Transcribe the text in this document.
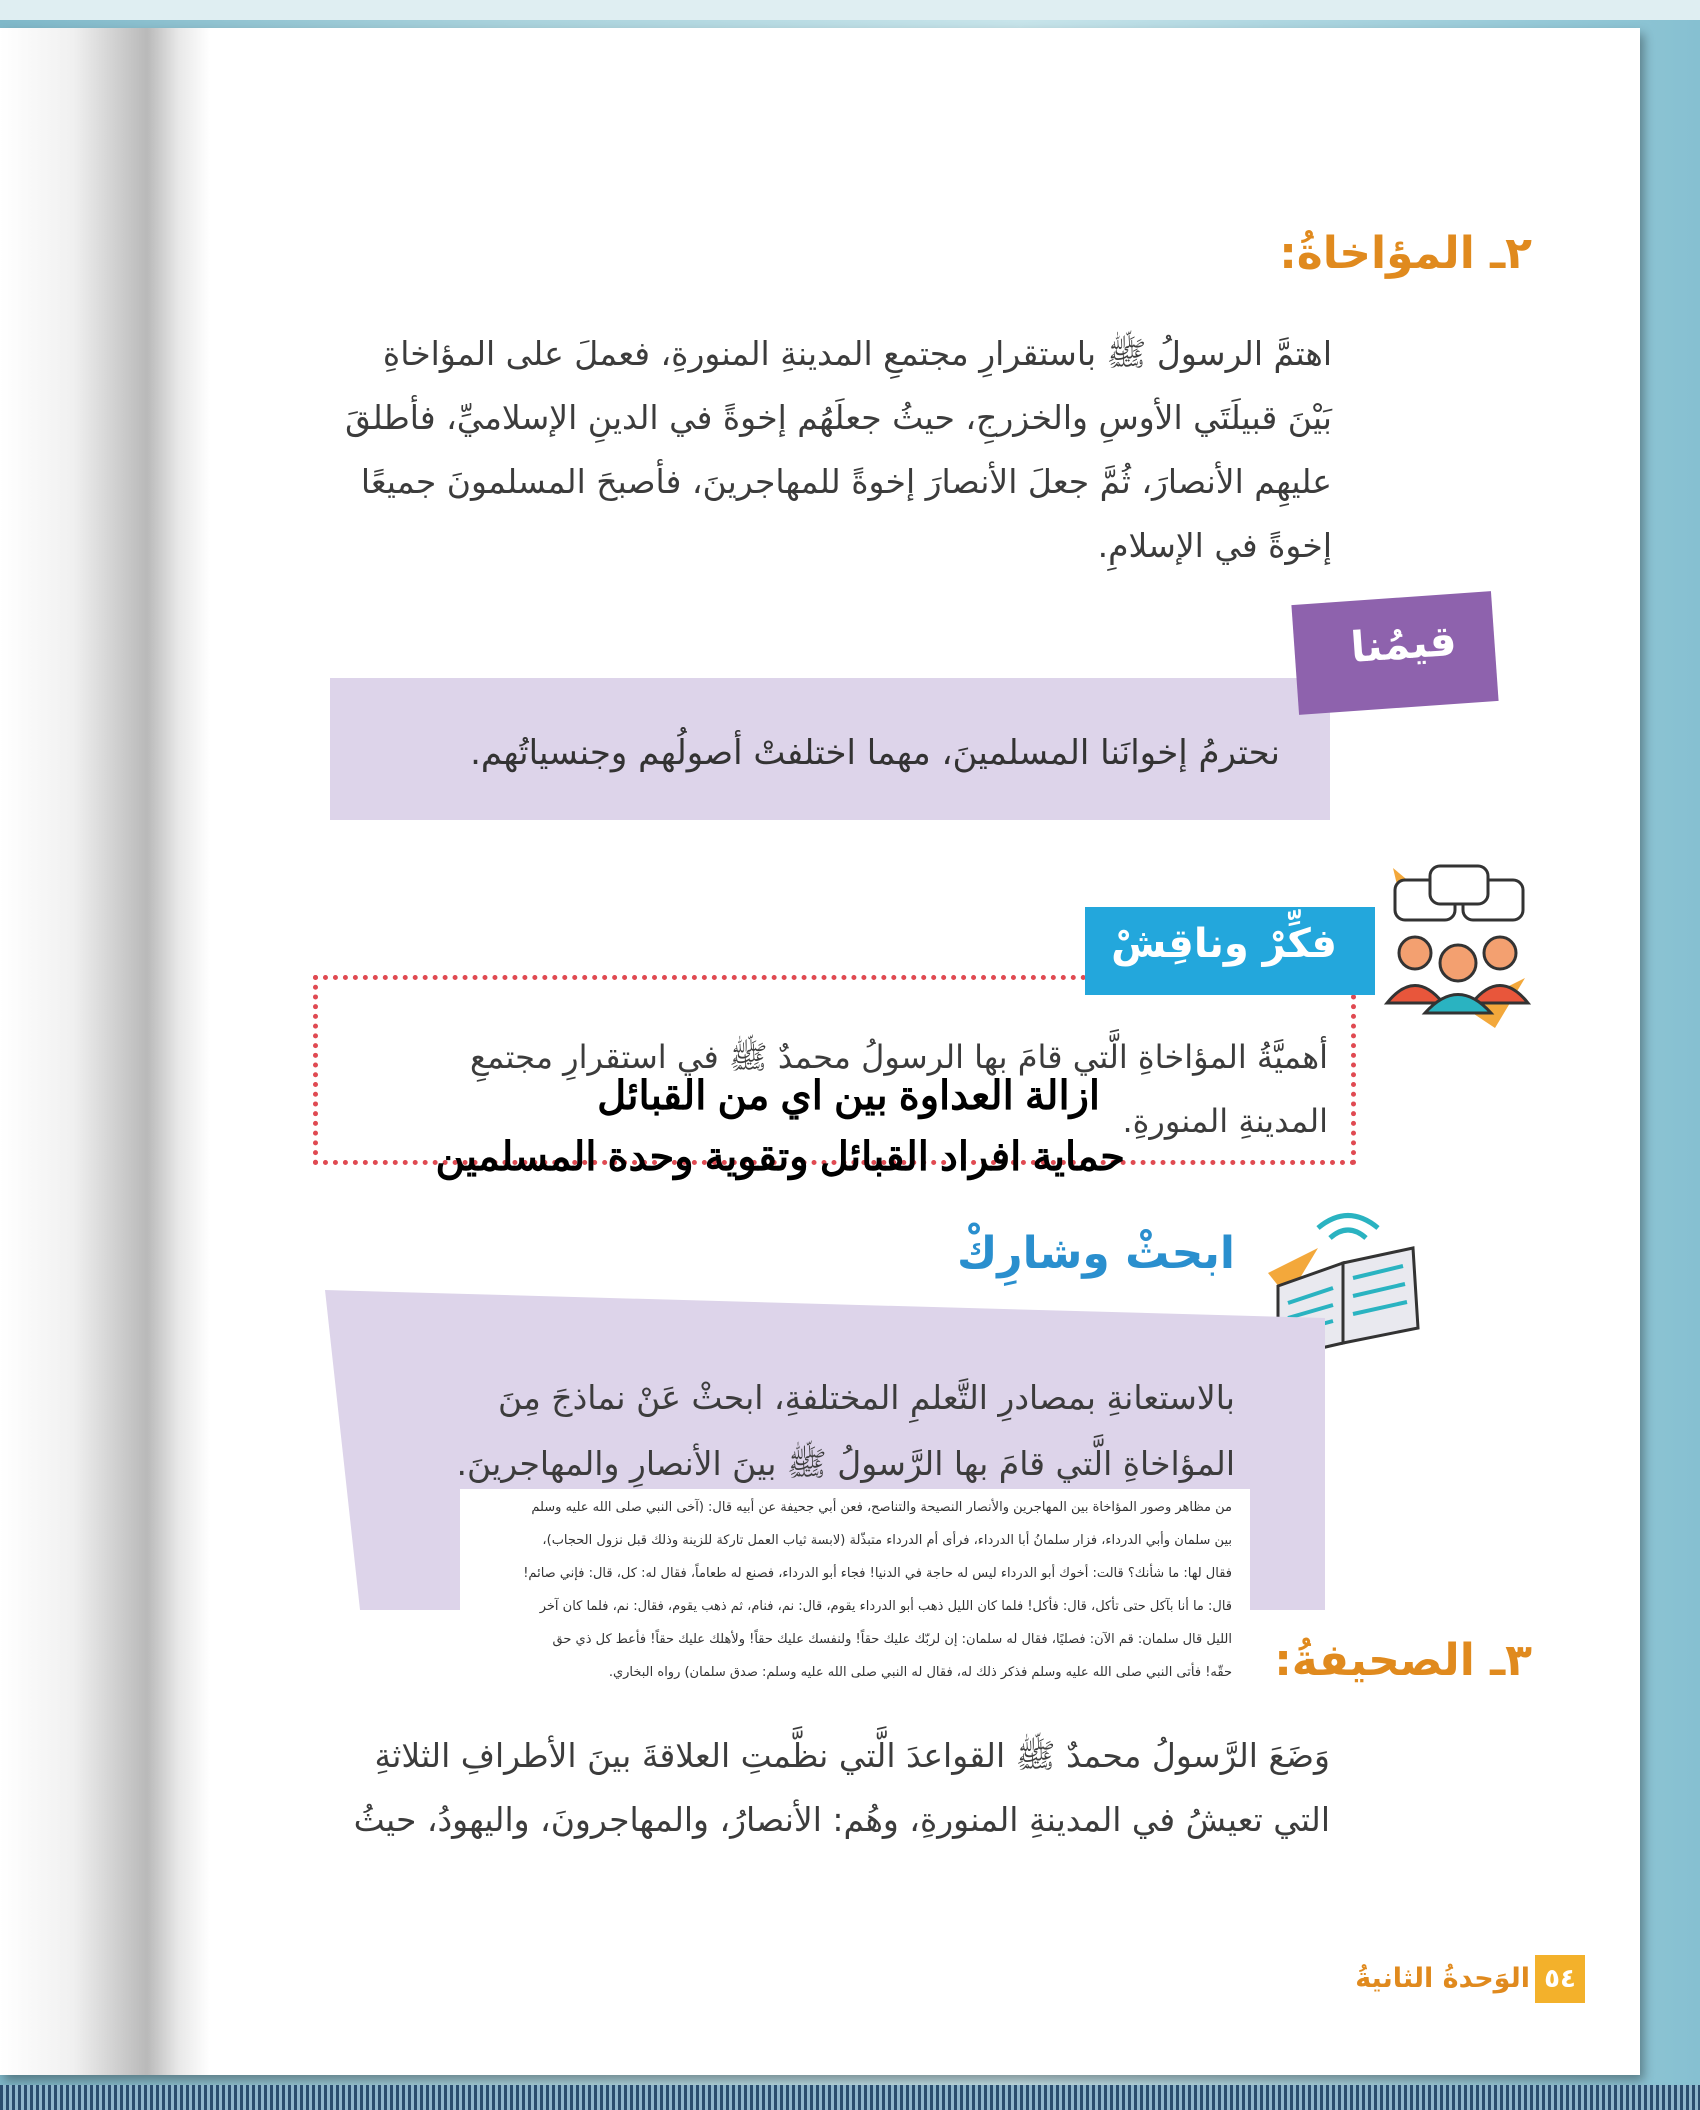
٢ـ المؤاخاةُ:
اهتمَّ الرسولُ ﷺ باستقرارِ مجتمعِ المدينةِ المنورةِ، فعملَ على المؤاخاةِ
بَيْنَ قبيلَتَي الأوسِ والخزرجِ، حيثُ جعلَهُم إخوةً في الدينِ الإسلاميِّ، فأطلقَ
عليهِم الأنصارَ، ثُمَّ جعلَ الأنصارَ إخوةً للمهاجرينَ، فأصبحَ المسلمونَ جميعًا
إخوةً في الإسلامِ.
قيمُنا
نحترمُ إخوانَنا المسلمينَ، مهما اختلفتْ أصولُهم وجنسياتُهم.
فكِّرْ وناقِشْ
أهميَّةُ المؤاخاةِ الَّتي قامَ بها الرسولُ محمدٌ ﷺ في استقرارِ مجتمعِ
المدينةِ المنورةِ.
ازالة العداوة بين اي من القبائل
حماية افراد القبائل وتقوية وحدة المسلمين
ابحثْ وشارِكْ
بالاستعانةِ بمصادرِ التَّعلمِ المختلفةِ، ابحثْ عَنْ نماذجَ مِنَ
المؤاخاةِ الَّتي قامَ بها الرَّسولُ ﷺ بينَ الأنصارِ والمهاجرينَ.

من مظاهر وصور المؤاخاة بين المهاجرين والأنصار النصيحة والتناصح، فعن أبي جحيفة عن أبيه قال: (آخى النبي صلى الله عليه وسلم

بين سلمان وأبي الدرداء، فزار سلمانُ أبا الدرداء، فرأى أم الدرداء متبذّلة (لابسة ثياب العمل تاركة للزينة وذلك قبل نزول الحجاب)،

فقال لها: ما شأنك؟ قالت: أخوك أبو الدرداء ليس له حاجة في الدنيا! فجاء أبو الدرداء، فصنع له طعاماً، فقال له: كل، قال: فإني صائم!

قال: ما أنا بآكل حتى تأكل، قال: فأكل! فلما كان الليل ذهب أبو الدرداء يقوم، قال: نم، فنام، ثم ذهب يقوم، فقال: نم، فلما كان آخر

الليل قال سلمان: قم الآن: فصليًا، فقال له سلمان: إن لربّك عليك حقاً! ولنفسك عليك حقاً! ولأهلك عليك حقاً! فأعط كل ذي حق

حقّه! فأتى النبي صلى الله عليه وسلم فذكر ذلك له، فقال له النبي صلى الله عليه وسلم: صدق سلمان) رواه البخاري. ٣ـ الصحيفةُ:
وَضَعَ الرَّسولُ محمدٌ ﷺ القواعدَ الَّتي نظَّمتِ العلاقةَ بينَ الأطرافِ الثلاثةِ
التي تعيشُ في المدينةِ المنورةِ، وهُم: الأنصارُ، والمهاجرونَ، واليهودُ، حيثُ
٥٤
الوَحدةُ الثانيةُ
